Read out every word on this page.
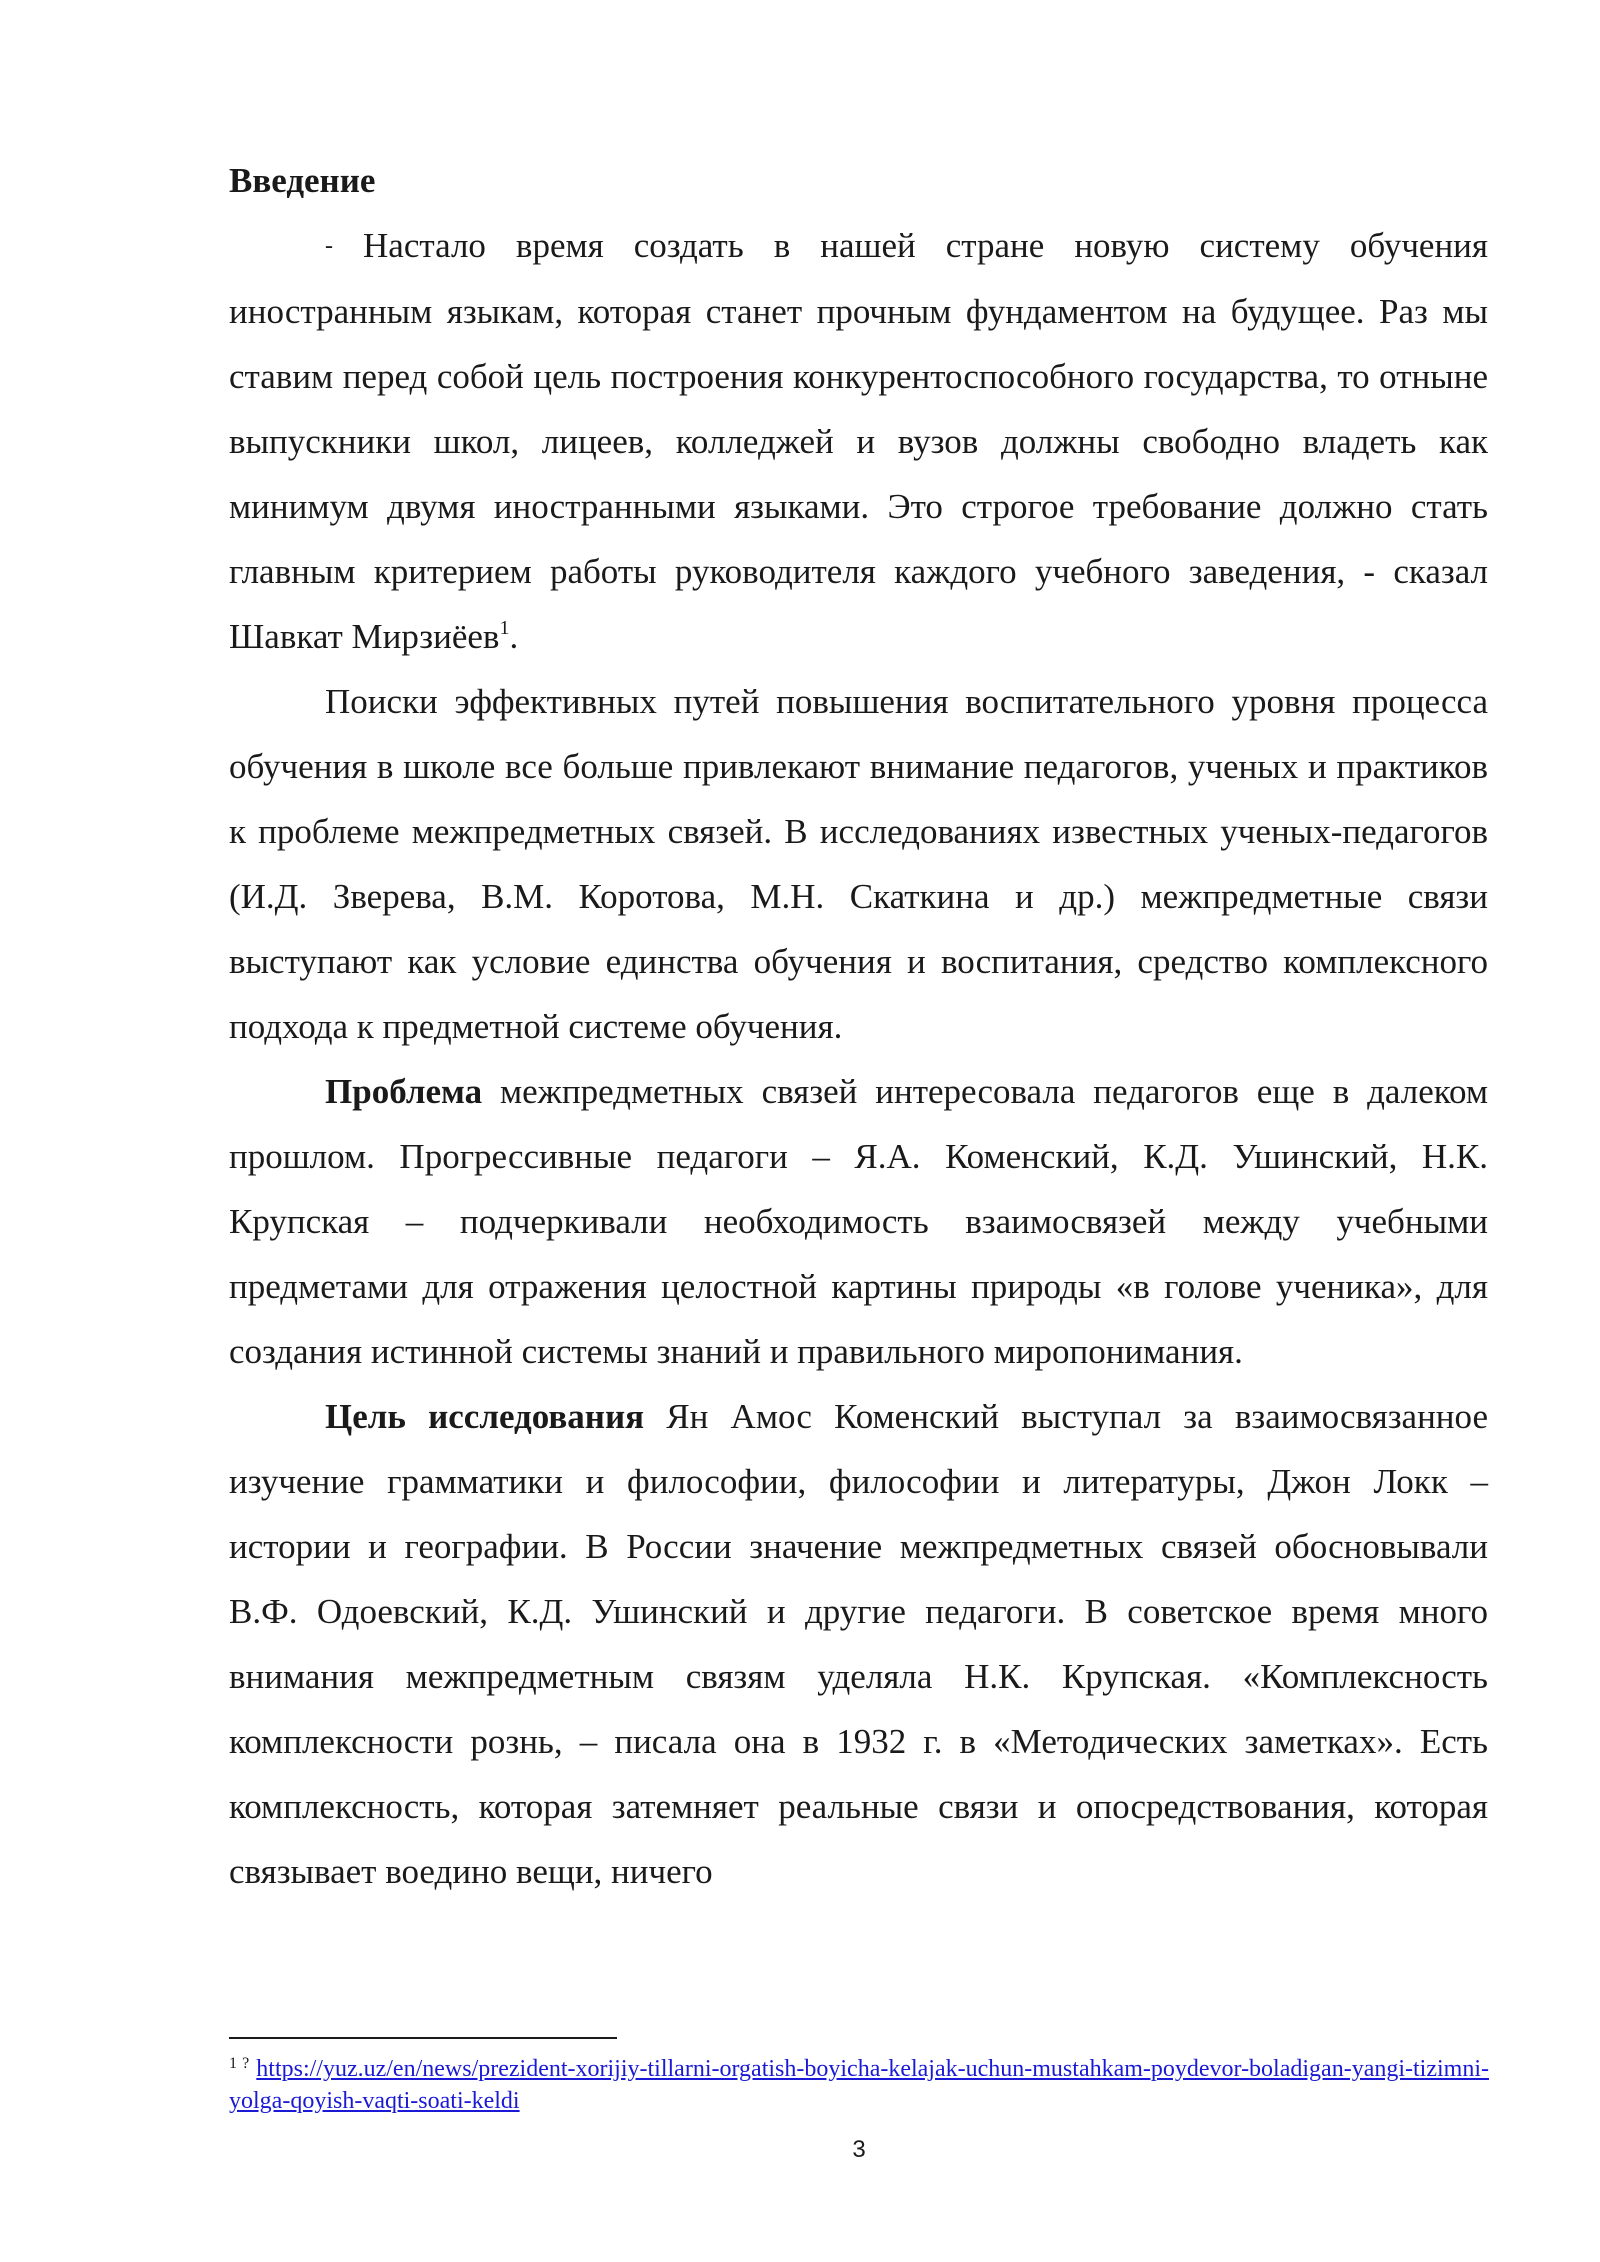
Введение

- Настало время создать в нашей стране новую систему обучения иностранным языкам, которая станет прочным фундаментом на будущее. Раз мы ставим перед собой цель построения конкурентоспособного государства, то отныне выпускники школ, лицеев, колледжей и вузов должны свободно владеть как минимум двумя иностранными языками. Это строгое требование должно стать главным критерием работы руководителя каждого учебного заведения, - сказал Шавкат Мирзиёев$^1$.

Поиски эффективных путей повышения воспитательного уровня процесса обучения в школе все больше привлекают внимание педагогов, ученых и практиков к проблеме межпредметных связей. В исследованиях известных ученых-педагогов (И.Д. Зверева, В.М. Коротова, М.Н. Скаткина и др.) межпредметные связи выступают как условие единства обучения и воспитания, средство комплексного подхода к предметной системе обучения.

Проблема межпредметных связей интересовала педагогов еще в далеком прошлом. Прогрессивные педагоги – Я.А. Коменский, К.Д. Ушинский, Н.К. Крупская – подчеркивали необходимость взаимосвязей между учебными предметами для отражения целостной картины природы «в голове ученика», для создания истинной системы знаний и правильного миропонимания.

Цель исследования Ян Амос Коменский выступал за взаимосвязанное изучение грамматики и философии, философии и литературы, Джон Локк – истории и географии. В России значение межпредметных связей обосновывали В.Ф. Одоевский, К.Д. Ушинский и другие педагоги. В советское время много внимания межпредметным связям уделяла Н.К. Крупская. «Комплексность комплексности рознь, – писала она в 1932 г. в «Методических заметках». Есть комплексность, которая затемняет реальные связи и опосредствования, которая связывает воедино вещи, ничего

$^{1 ?}$ https://yuz.uz/en/news/prezident-xorijiy-tillarni-orgatish-boyicha-kelajak-uchun-mustahkam-poydevor-boladigan-yangi-tizimni-yolga-qoyish-vaqti-soati-keldi
3
